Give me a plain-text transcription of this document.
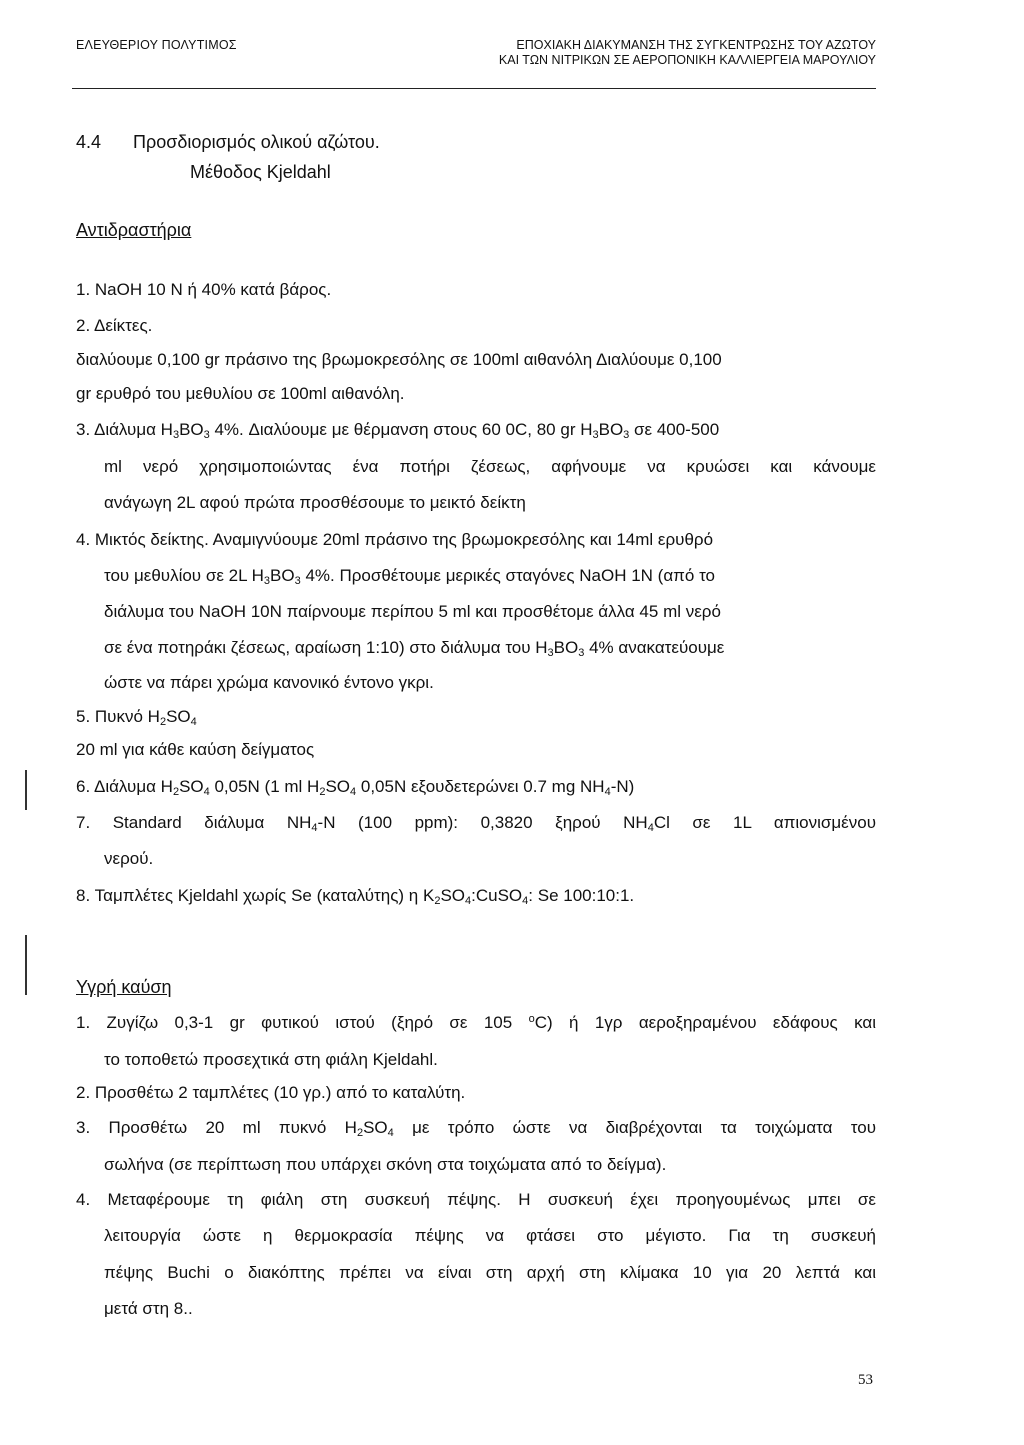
ΕΛΕΥΘΕΡΙΟΥ ΠΟΛΥΤΙΜΟΣ	ΕΠΟΧΙΑΚΗ ΔΙΑΚΥΜΑΝΣΗ ΤΗΣ ΣΥΓΚΕΝΤΡΩΣΗΣ ΤΟΥ ΑΖΩΤΟΥ
ΚΑΙ ΤΩΝ ΝΙΤΡΙΚΩΝ ΣΕ ΑΕΡΟΠΟΝΙΚΗ ΚΑΛΛΙΕΡΓΕΙΑ ΜΑΡΟΥΛΙΟΥ
4.4 Προσδιορισμός ολικού αζώτου.
Μέθοδος Kjeldahl
Αντιδραστήρια
1. NaOH 10 N ή 40% κατά βάρος.
2. Δείκτες.
διαλύουμε 0,100 gr πράσινο της βρωμοκρεσόλης σε 100ml αιθανόλη Διαλύουμε 0,100
gr ερυθρό του μεθυλίου σε 100ml αιθανόλη.
3. Διάλυμα $H_3BO_3$ 4%. Διαλύουμε με θέρμανση στους 60 0C, 80 gr $H_3BO_3$ σε 400-500
ml νερό χρησιμοποιώντας ένα ποτήρι ζέσεως, αφήνουμε να κρυώσει και κάνουμε
ανάγωγη 2L αφού πρώτα προσθέσουμε το μεικτό δείκτη
4. Μικτός δείκτης. Αναμιγνύουμε 20ml πράσινο της βρωμοκρεσόλης και 14ml ερυθρό
του μεθυλίου σε 2L $H_3BO_3$ 4%. Προσθέτουμε μερικές σταγόνες NaOH 1N (από το
διάλυμα του NaOH 10N παίρνουμε περίπου 5 ml και προσθέτομε άλλα 45 ml νερό
σε ένα ποτηράκι ζέσεως, αραίωση 1:10) στο διάλυμα του $H_3BO_3$ 4% ανακατεύουμε
ώστε να πάρει χρώμα κανονικό έντονο γκρι.
5. Πυκνό $H_2SO_4$
20 ml για κάθε καύση δείγματος
6. Διάλυμα $H_2SO_4$ 0,05N (1 ml $H_2SO_4$ 0,05N εξουδετερώνει 0.7 mg $NH_4-N$)
7. Standard διάλυμα $NH_4-N$ (100 ppm): 0,3820 ξηρού $NH_4Cl$ σε 1L απιονισμένου
νερού.
8. Ταμπλέτες Kjeldahl χωρίς Se (καταλύτης) η $K_2SO_4:CuSO_4$: Se 100:10:1.
Υγρή καύση
1. Ζυγίζω 0,3-1 gr φυτικού ιστού (ξηρό σε 105 $^o$C) ή 1γρ αεροξηραμένου εδάφους και
το τοποθετώ προσεχτικά στη φιάλη Kjeldahl.
2. Προσθέτω 2 ταμπλέτες (10 γρ.) από το καταλύτη.
3. Προσθέτω 20 ml πυκνό $H_2SO_4$ με τρόπο ώστε να διαβρέχονται τα τοιχώματα του
σωλήνα (σε περίπτωση που υπάρχει σκόνη στα τοιχώματα από το δείγμα).
4. Μεταφέρουμε τη φιάλη στη συσκευή πέψης. Η συσκευή έχει προηγουμένως μπει σε
λειτουργία ώστε η θερμοκρασία πέψης να φτάσει στο μέγιστο. Για τη συσκευή
πέψης Buchi ο διακόπτης πρέπει να είναι στη αρχή στη κλίμακα 10 για 20 λεπτά και
μετά στη 8..
53
